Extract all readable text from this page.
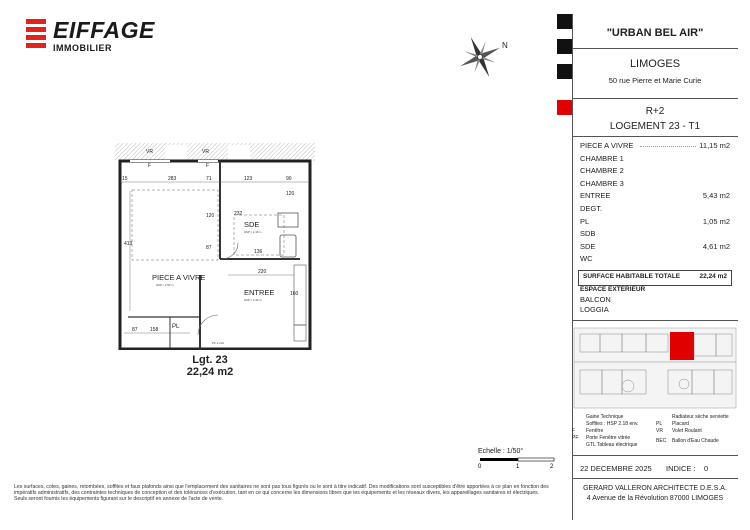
EIFFAGE
IMMOBILIER	N
VR	VR
F	F
283	71	123	90
413
120	232
87
120
136
220
160
87 158
15
PIECE A VIVRE
HSP = 2,50 m
SDE
HSP = 2,18 m
ENTREE
HSP = 2,40 m
PL
PF 1.2x0
Lgt. 23
22,24 m2
Echelle : 1/50°
0	1	2
Les surfaces, cotes, gaines, retombées, soffites et faux plafonds ainsi que l'emplacement des sanitaires ne sont pas tous figurés ou le sont à titre indicatif. Des modifications sont susceptibles d'être apportées à ce plan en fonction des
impératifs administratifs, des contraintes techniques de conception et des tolérances d'exécution, tant en ce qui concerne les dimensions libres que les équipements et les réseaux divers, les appareillages sanitaires et électriques.
Seuls seront fournis les équipements figurant sur le descriptif en annexe de l'acte de vente.
"URBAN BEL AIR"
LIMOGES
50 rue Pierre et Marie Curie
R+2
LOGEMENT 23 - T1
PIECE A VIVRE	11,15 m2
CHAMBRE 1
CHAMBRE 2
CHAMBRE 3
ENTREE	5,43 m2
DEGT.
PL	1,05 m2
SDB
SDE	4,61 m2
WC
SURFACE HABITABLE TOTALE	22,24 m2
ESPACE EXTERIEUR
BALCON
LOGGIA
Gaine Technique
Soffites : HSP 2.18 env.
F Fenêtre
PF Porte Fenêtre vitrée
GTL Tableau électrique
Radiateur sèche serviette
PL Placard
VR Volet Roulant
BEC Ballon d'Eau Chaude
22 DECEMBRE 2025 INDICE : 0
GERARD VALLERON ARCHITECTE D.E.S.A.
4 Avenue de la Révolution 87000 LIMOGES
